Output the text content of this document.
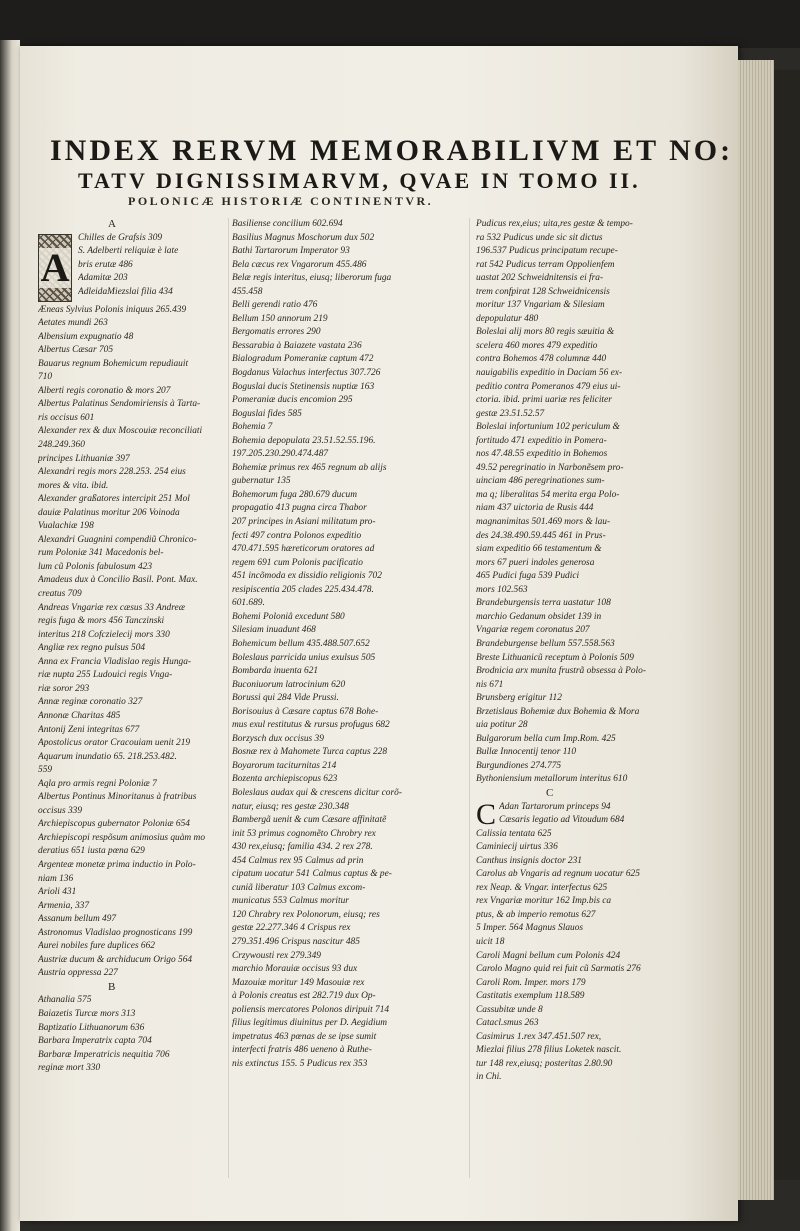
INDEX RERVM MEMORABILIVM ET NO:
TATV DIGNISSIMARVM, QVAE IN TOMO II.
POLONICÆ HISTORIÆ CONTINENTVR.
A
A
Chilles de Grafsis 309
S. Adelberti reliquiæ è late
bris erutæ 486
Adamitæ 203
AdleidaMiezslai filia 434
Æneas Sylvius Polonis iniquus 265.439
Aetates mundi 263
Albensium expugnatio 48
Albertus Cæsar 705
Bauarus regnum Bohemicum repudiauit
710
Alberti regis coronatio & mors 207
Albertus Palatinus Sendomiriensis à Tarta-
ris occisus 601
Alexander rex & dux Moscouiæ reconciliati
248.249.360
principes Lithuaniæ 397
Alexandri regis mors 228.253. 254 eius
mores & vita. ibid.
Alexander graßatores intercipit 251 Mol
dauiæ Palatinus moritur 206 Voinoda
Vualachiæ 198
Alexandri Guagnini compendiũ Chronico-
rum Poloniæ 341 Macedonis bel-
lum cũ Polonis fabulosum 423
Amadeus dux à Concilio Basil. Pont. Max.
creatus 709
Andreas Vngariæ rex cæsus 33 Andreæ
regis fuga & mors 456 Tanczinski
interitus 218 Cofczielecij mors 330
Angliæ rex regno pulsus 504
Anna ex Francia Vladislao regis Hunga-
riæ nupta 255 Ludouici regis Vnga-
riæ soror 293
Annæ reginæ coronatio 327
Annonæ Charitas 485
Antonij Zeni integritas 677
Apostolicus orator Cracouiam uenit 219
Aquarum inundatio 65. 218.253.482.
559
Aqla pro armis regni Poloniæ 7
Albertus Pontinus Minoritanus à fratribus
occisus 339
Archiepiscopus gubernator Poloniæ 654
Archiepiscopi respõsum animosius quàm mo
deratius 651 iusta pœna 629
Argenteæ monetæ prima inductio in Polo-
niam 136
Arioli 431
Armenia, 337
Assanum bellum 497
Astronomus Vladislao prognosticans 199
Aurei nobiles fure duplices 662
Austriæ ducum & archiducum Origo 564
Austria oppressa 227
B
Athanalia 575
Baiazetis Turcæ mors 313
Baptizatio Lithuanorum 636
Barbara Imperatrix capta 704
Barbaræ Imperatricis nequitia 706
reginæ mort 330
Basiliense concilium 602.694
Basilius Magnus Moschorum dux 502
Bathi Tartarorum Imperator 93
Bela cæcus rex Vngarorum 455.486
Belæ regis interitus, eiusq; liberorum fuga
455.458
Belli gerendi ratio 476
Bellum 150 annorum 219
Bergomatis errores 290
Bessarabia à Baiazete vastata 236
Bialogradum Pomeraniæ captum 472
Bogdanus Valachus interfectus 307.726
Boguslai ducis Stetinensis nuptiæ 163
Pomeraniæ ducis encomion 295
Boguslai fides 585
Bohemia 7
Bohemia depopulata 23.51.52.55.196.
197.205.230.290.474.487
Bohemiæ primus rex 465 regnum ab alijs
gubernatur 135
Bohemorum fuga 280.679 ducum
propagatio 413 pugna circa Thabor
207 principes in Asiani militatum pro-
fecti 497 contra Polonos expeditio
470.471.595 hæreticorum oratores ad
regem 691 cum Polonis pacificatio
451 incõmoda ex dissidio religionis 702
resipiscentia 205 clades 225.434.478.
601.689.
Bohemi Poloniâ excedunt 580
Silesiam inuadunt 468
Bohemicum bellum 435.488.507.652
Boleslaus parricida unius exulsus 505
Bombarda inuenta 621
Buconiuorum latrocinium 620
Borussi qui 284 Vide Prussi.
Borisouius à Cæsare captus 678 Bohe-
mus exul restitutus & rursus profugus 682
Borzysch dux occisus 39
Bosnæ rex à Mahomete Turca captus 228
Boyarorum taciturnitas 214
Bozenta archiepiscopus 623
Boleslaus audax qui & crescens dicitur corõ-
natur, eiusq; res gestæ 230.348
Bambergã uenit & cum Cæsare affinitatẽ
init 53 primus cognomẽto Chrobry rex
430 rex,eiusq; familia 434. 2 rex 278.
454 Calmus rex 95 Calmus ad prin
cipatum uocatur 541 Calmus captus & pe-
cuniã liberatur 103 Calmus excom-
municatus 553 Calmus moritur
120 Chrabry rex Polonorum, eiusq; res
gestæ 22.277.346 4 Crispus rex
279.351.496 Crispus nascitur 485
Crzywousti rex 279.349
marchio Morauiæ occisus 93 dux
Mazouiæ moritur 149 Masouiæ rex
à Polonis creatus est 282.719 dux Op-
poliensis mercatores Polonos diripuit 714
filius legitimus diuinitus per D. Aegidium
impetratus 463 pœnas de se ipse sumit
interfecti fratris 486 ueneno à Ruthe-
nis extinctus 155. 5 Pudicus rex 353
Pudicus rex,eius; uita,res gestæ & tempo-
ra 532 Pudicus unde sic sit dictus
196.537 Pudicus principatum recupe-
rat 542 Pudicus terram Oppolienfem
uastat 202 Schweidnitensis ei fra-
trem confpirat 128 Schweidnicensis
moritur 137 Vngariam & Silesiam
depopulatur 480
Boleslai alij mors 80 regis sæuitia &
scelera 460 mores 479 expeditio
contra Bohemos 478 columnæ 440
nauigabilis expeditio in Daciam 56 ex-
peditio contra Pomeranos 479 eius ui-
ctoria. ibid. primi uariæ res feliciter
gestæ 23.51.52.57
Boleslai infortunium 102 periculum &
fortitudo 471 expeditio in Pomera-
nos 47.48.55 expeditio in Bohemos
49.52 peregrinatio in Narbonẽsem pro-
uinciam 486 peregrinationes sum-
ma q; liberalitas 54 merita erga Polo-
niam 437 uictoria de Rusis 444
magnanimitas 501.469 mors & lau-
des 24.38.490.59.445 461 in Prus-
siam expeditio 66 testamentum &
mors 67 pueri indoles generosa
465 Pudici fuga 539 Pudici
mors 102.563
Brandeburgensis terra uastatur 108
marchio Gedanum obsidet 139 in
Vngariæ regem coronatus 207
Brandeburgense bellum 557.558.563
Breste Lithuanicũ receptum à Polonis 509
Brodnicia arx munita frustrã obsessa à Polo-
nis 671
Brunsberg erigitur 112
Brzetislaus Bohemiæ dux Bohemia & Mora
uia potitur 28
Bulgarorum bella cum Imp.Rom. 425
Bullæ Innocentij tenor 110
Burgundiones 274.775
Bythoniensium metallorum interitus 610
C
C Adan Tartarorum princeps 94
Cæsaris legatio ad Vitoudum 684
Calissia tentata 625
Caminiecij uirtus 336
Canthus insignis doctor 231
Carolus ab Vngaris ad regnum uocatur 625
rex Neap. & Vngar. interfectus 625
rex Vngariæ moritur 162 Imp.bis ca
ptus, & ab imperio remotus 627
5 Imper. 564 Magnus Slauos
uicit 18
Caroli Magni bellum cum Polonis 424
Carolo Magno quid rei fuit cũ Sarmatis 276
Caroli Rom. Imper. mors 179
Castitatis exemplum 118.589
Cassubitæ unde 8
Catacl.smus 263
Casimirus 1.rex 347.451.507 rex,
Miezlai filius 278 filius Loketek nascit.
tur 148 rex,eiusq; posteritas 2.80.90
in Chi.
